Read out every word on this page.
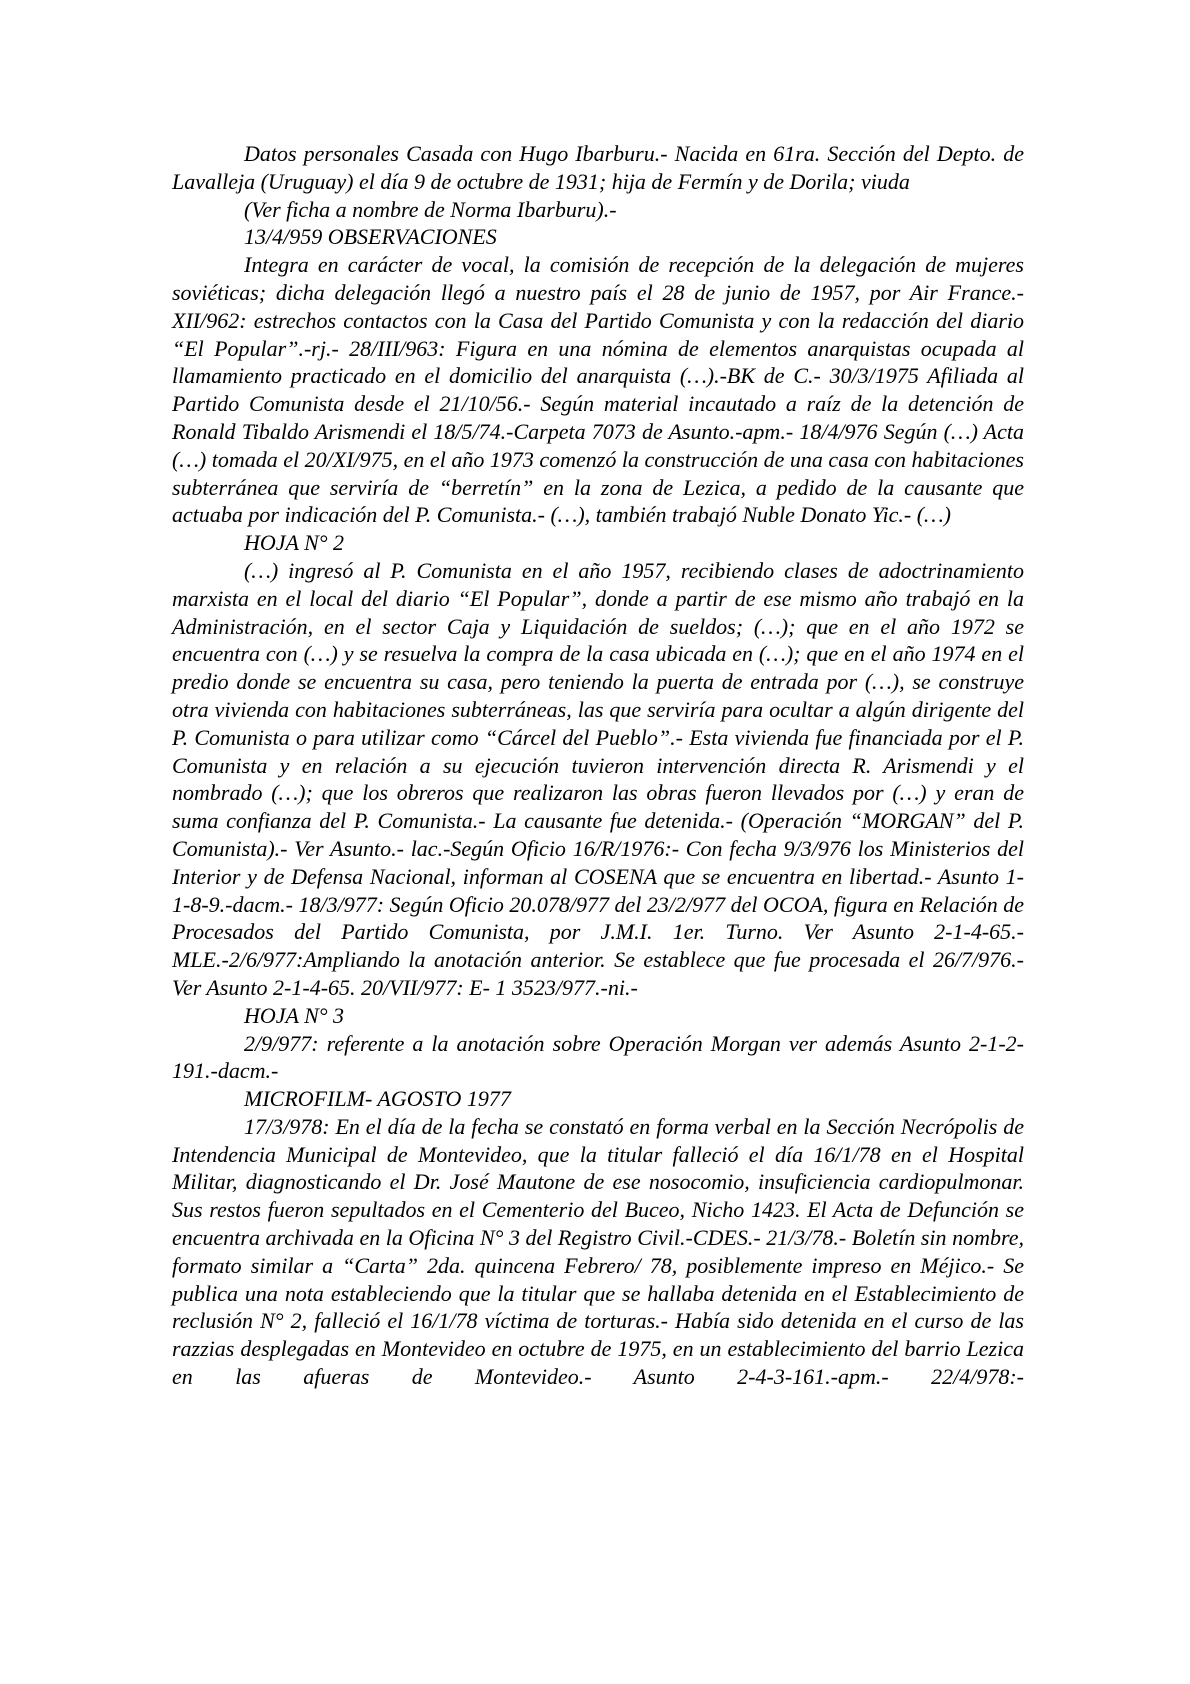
Datos personales Casada con Hugo Ibarburu.- Nacida en 61ra. Sección del Depto. de Lavalleja (Uruguay) el día 9 de octubre de 1931; hija de Fermín y de Dorila; viuda

(Ver ficha a nombre de Norma Ibarburu).-

13/4/959 OBSERVACIONES

Integra en carácter de vocal, la comisión de recepción de la delegación de mujeres soviéticas; dicha delegación llegó a nuestro país el 28 de junio de 1957, por Air France.- XII/962: estrechos contactos con la Casa del Partido Comunista y con la redacción del diario “El Popular”.-rj.- 28/III/963: Figura en una nómina de elementos anarquistas ocupada al llamamiento practicado en el domicilio del anarquista (…).-BK de C.- 30/3/1975 Afiliada al Partido Comunista desde el 21/10/56.- Según material incautado a raíz de la detención de Ronald Tibaldo Arismendi el 18/5/74.-Carpeta 7073 de Asunto.-apm.- 18/4/976 Según (…) Acta (…) tomada el 20/XI/975, en el año 1973 comenzó la construcción de una casa con habitaciones subterránea que serviría de “berretín” en la zona de Lezica, a pedido de la causante que actuaba por indicación del P. Comunista.- (…), también trabajó Nuble Donato Yic.- (…)

HOJA N° 2

(…) ingresó al P. Comunista en el año 1957, recibiendo clases de adoctrinamiento marxista en el local del diario “El Popular”, donde a partir de ese mismo año trabajó en la Administración, en el sector Caja y Liquidación de sueldos; (…); que en el año 1972 se encuentra con (…) y se resuelva la compra de la casa ubicada en (…); que en el año 1974 en el predio donde se encuentra su casa, pero teniendo la puerta de entrada por (…), se construye otra vivienda con habitaciones subterráneas, las que serviría para ocultar a algún dirigente del P. Comunista o para utilizar como “Cárcel del Pueblo”.- Esta vivienda fue financiada por el P. Comunista y en relación a su ejecución tuvieron intervención directa R. Arismendi y el nombrado (…); que los obreros que realizaron las obras fueron llevados por (…) y eran de suma confianza del P. Comunista.- La causante fue detenida.- (Operación “MORGAN” del P. Comunista).- Ver Asunto.- lac.-Según Oficio 16/R/1976:- Con fecha 9/3/976 los Ministerios del Interior y de Defensa Nacional, informan al COSENA que se encuentra en libertad.- Asunto 1-1-8-9.-dacm.- 18/3/977: Según Oficio 20.078/977 del 23/2/977 del OCOA, figura en Relación de Procesados del Partido Comunista, por J.M.I. 1er. Turno. Ver Asunto 2-1-4-65.-MLE.-2/6/977:Ampliando la anotación anterior. Se establece que fue procesada el 26/7/976.- Ver Asunto 2-1-4-65. 20/VII/977: E- 1 3523/977.-ni.-

HOJA N° 3

2/9/977: referente a la anotación sobre Operación Morgan ver además Asunto 2-1-2-191.-dacm.-

MICROFILM- AGOSTO 1977

17/3/978: En el día de la fecha se constató en forma verbal en la Sección Necrópolis de Intendencia Municipal de Montevideo, que la titular falleció el día 16/1/78 en el Hospital Militar, diagnosticando el Dr. José Mautone de ese nosocomio, insuficiencia cardiopulmonar. Sus restos fueron sepultados en el Cementerio del Buceo, Nicho 1423. El Acta de Defunción se encuentra archivada en la Oficina N° 3 del Registro Civil.-CDES.- 21/3/78.- Boletín sin nombre, formato similar a “Carta” 2da. quincena Febrero/ 78, posiblemente impreso en Méjico.- Se publica una nota estableciendo que la titular que se hallaba detenida en el Establecimiento de reclusión N° 2, falleció el 16/1/78 víctima de torturas.- Había sido detenida en el curso de las razzias desplegadas en Montevideo en octubre de 1975, en un establecimiento del barrio Lezica en las afueras de Montevideo.- Asunto 2-4-3-161.-apm.- 22/4/978:-
